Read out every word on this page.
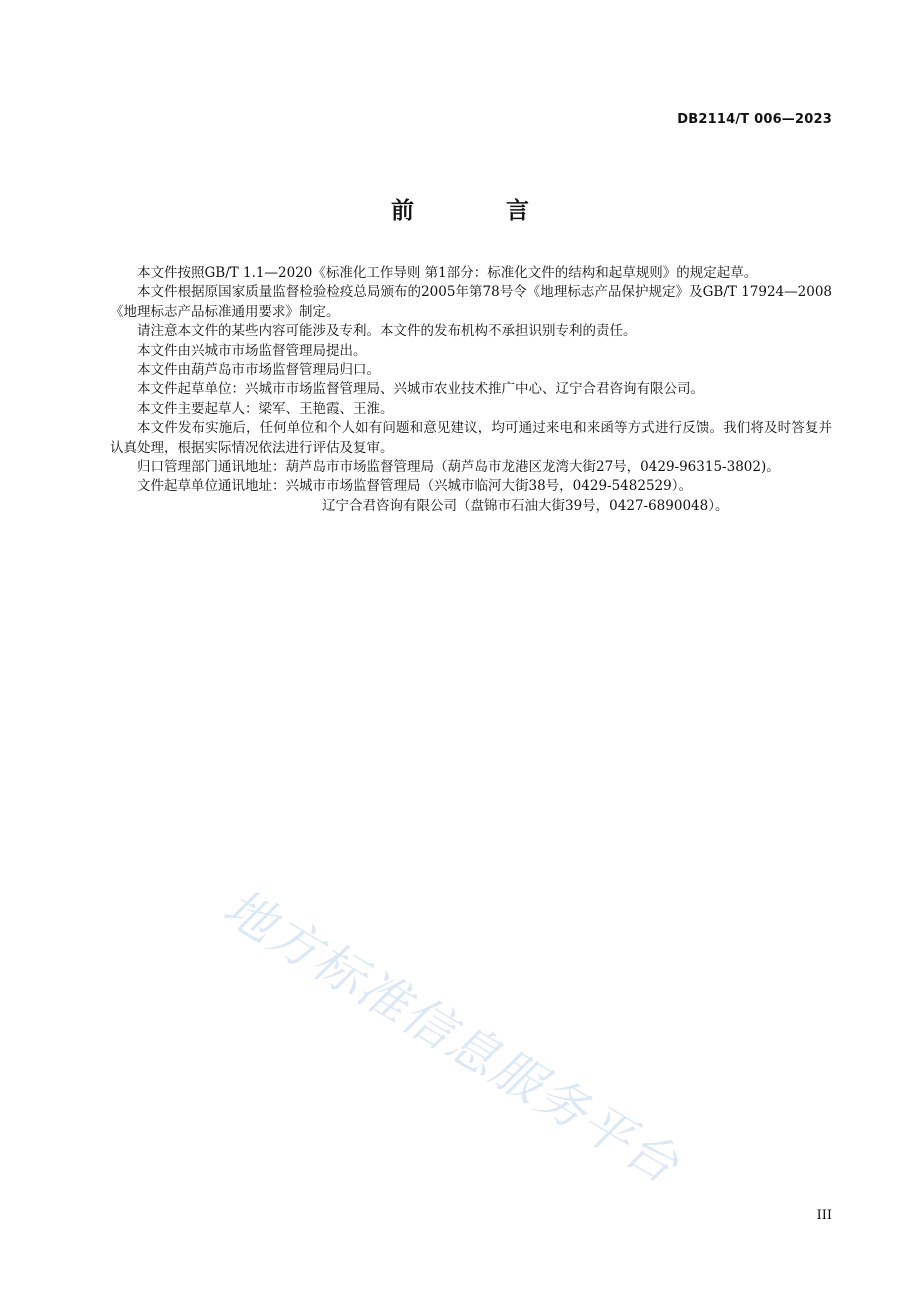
DB2114/T 006—2023
前 言

本文件按照GB/T 1.1—2020《标准化工作导则 第1部分：标准化文件的结构和起草规则》的规定起草。

本文件根据原国家质量监督检验检疫总局颁布的2005年第78号令《地理标志产品保护规定》及GB/T 17924—2008《地理标志产品标准通用要求》制定。

请注意本文件的某些内容可能涉及专利。本文件的发布机构不承担识别专利的责任。

本文件由兴城市市场监督管理局提出。

本文件由葫芦岛市市场监督管理局归口。

本文件起草单位：兴城市市场监督管理局、兴城市农业技术推广中心、辽宁合君咨询有限公司。

本文件主要起草人：梁军、王艳霞、王淮。

本文件发布实施后，任何单位和个人如有问题和意见建议，均可通过来电和来函等方式进行反馈。我们将及时答复并认真处理，根据实际情况依法进行评估及复审。

归口管理部门通讯地址：葫芦岛市市场监督管理局（葫芦岛市龙港区龙湾大街27号，0429-96315-3802)。

文件起草单位通讯地址：兴城市市场监督管理局（兴城市临河大街38号，0429-5482529）。
辽宁合君咨询有限公司（盘锦市石油大街39号，0427-6890048）。
地方标准信息服务平台
III
